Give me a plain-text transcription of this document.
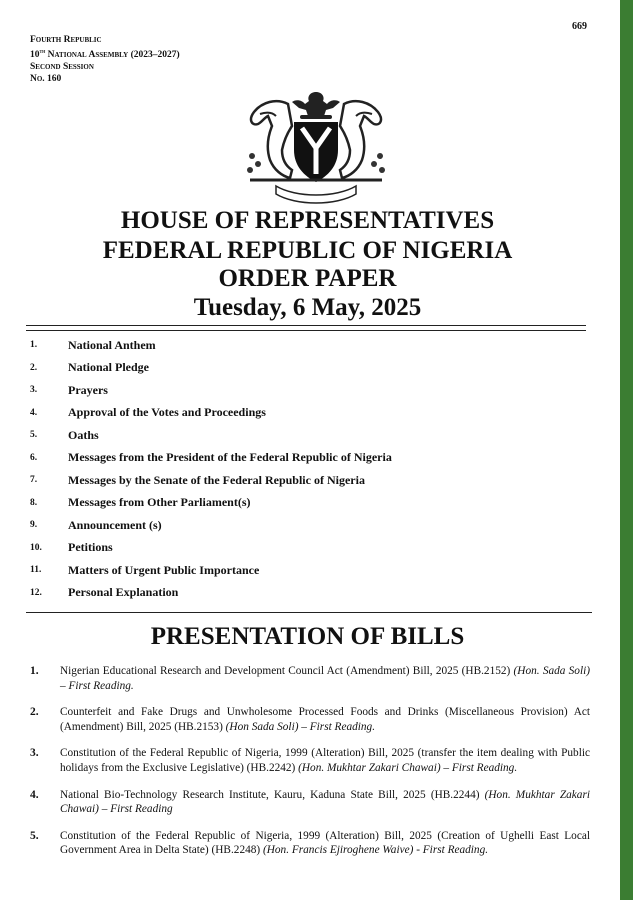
669
Fourth Republic
10th National Assembly (2023–2027)
Second Session
No. 160
HOUSE OF REPRESENTATIVES
FEDERAL REPUBLIC OF NIGERIA
ORDER PAPER
Tuesday, 6 May, 2025
1.	National Anthem
2.	National Pledge
3.	Prayers
4.	Approval of the Votes and Proceedings
5.	Oaths
6.	Messages from the President of the Federal Republic of Nigeria
7.	Messages by the Senate of the Federal Republic of Nigeria
8.	Messages from Other Parliament(s)
9.	Announcement (s)
10.	Petitions
11.	Matters of Urgent Public Importance
12.	Personal Explanation
PRESENTATION OF BILLS
1.	Nigerian Educational Research and Development Council Act (Amendment) Bill, 2025 (HB.2152) (Hon. Sada Soli) – First Reading.
2.	Counterfeit and Fake Drugs and Unwholesome Processed Foods and Drinks (Miscellaneous Provision) Act (Amendment) Bill, 2025 (HB.2153) (Hon Sada Soli) – First Reading.
3.	Constitution of the Federal Republic of Nigeria, 1999 (Alteration) Bill, 2025 (transfer the item dealing with Public holidays from the Exclusive Legislative) (HB.2242) (Hon. Mukhtar Zakari Chawai) – First Reading.
4.	National Bio-Technology Research Institute, Kauru, Kaduna State Bill, 2025 (HB.2244) (Hon. Mukhtar Zakari Chawai) – First Reading
5.	Constitution of the Federal Republic of Nigeria, 1999 (Alteration) Bill, 2025 (Creation of Ughelli East Local Government Area in Delta State) (HB.2248) (Hon. Francis Ejiroghene Waive) - First Reading.
